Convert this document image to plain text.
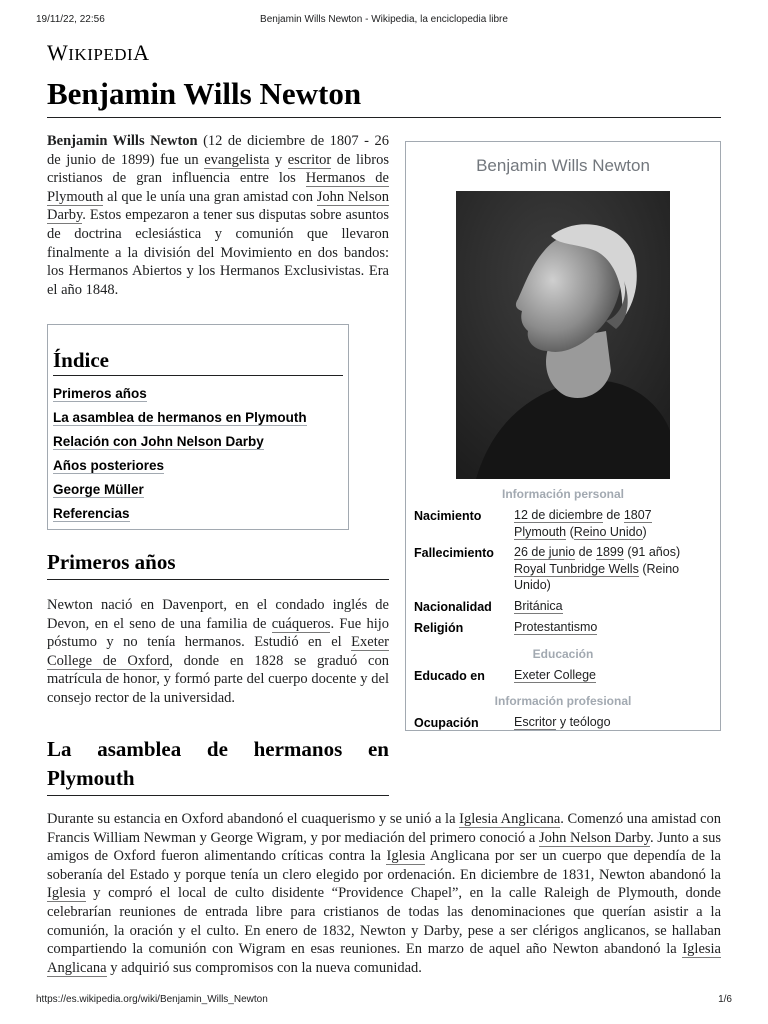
19/11/22, 22:56	Benjamin Wills Newton - Wikipedia, la enciclopedia libre
WIKIPEDIA
Benjamin Wills Newton

Benjamin Wills Newton (12 de diciembre de 1807 - 26 de junio de 1899) fue un evangelista y escritor de libros cristianos de gran influencia entre los Hermanos de Plymouth al que le unía una gran amistad con John Nelson Darby. Estos empezaron a tener sus disputas sobre asuntos de doctrina eclesiástica y comunión que llevaron finalmente a la división del Movimiento en dos bandos: los Hermanos Abiertos y los Hermanos Exclusivistas. Era el año 1848.

Índice
Primeros años
La asamblea de hermanos en Plymouth
Relación con John Nelson Darby
Años posteriores
George Müller
Referencias
Primeros años

Newton nació en Davenport, en el condado inglés de Devon, en el seno de una familia de cuáqueros. Fue hijo póstumo y no tenía hermanos. Estudió en el Exeter College de Oxford, donde en 1828 se graduó con matrícula de honor, y formó parte del cuerpo docente y del consejo rector de la universidad.

La asamblea de hermanos en Plymouth

Durante su estancia en Oxford abandonó el cuaquerismo y se unió a la Iglesia Anglicana. Comenzó una amistad con Francis William Newman y George Wigram, y por mediación del primero conoció a John Nelson Darby. Junto a sus amigos de Oxford fueron alimentando críticas contra la Iglesia Anglicana por ser un cuerpo que dependía de la soberanía del Estado y porque tenía un clero elegido por ordenación. En diciembre de 1831, Newton abandonó la Iglesia y compró el local de culto disidente “Providence Chapel”, en la calle Raleigh de Plymouth, donde celebrarían reuniones de entrada libre para cristianos de todas las denominaciones que querían asistir a la comunión, la oración y el culto. En enero de 1832, Newton y Darby, pese a ser clérigos anglicanos, se hallaban compartiendo la comunión con Wigram en esas reuniones. En marzo de aquel año Newton abandonó la Iglesia Anglicana y adquirió sus compromisos con la nueva comunidad.

Benjamin Wills Newton
Información personal
Nacimiento	12 de diciembre de 1807
Plymouth (Reino Unido)
Fallecimiento	26 de junio de 1899 (91 años)
Royal Tunbridge Wells (Reino Unido)
Nacionalidad	Británica
Religión	Protestantismo
Educación
Educado en	Exeter College
Información profesional
Ocupación	Escritor y teólogo
https://es.wikipedia.org/wiki/Benjamin_Wills_Newton	1/6
